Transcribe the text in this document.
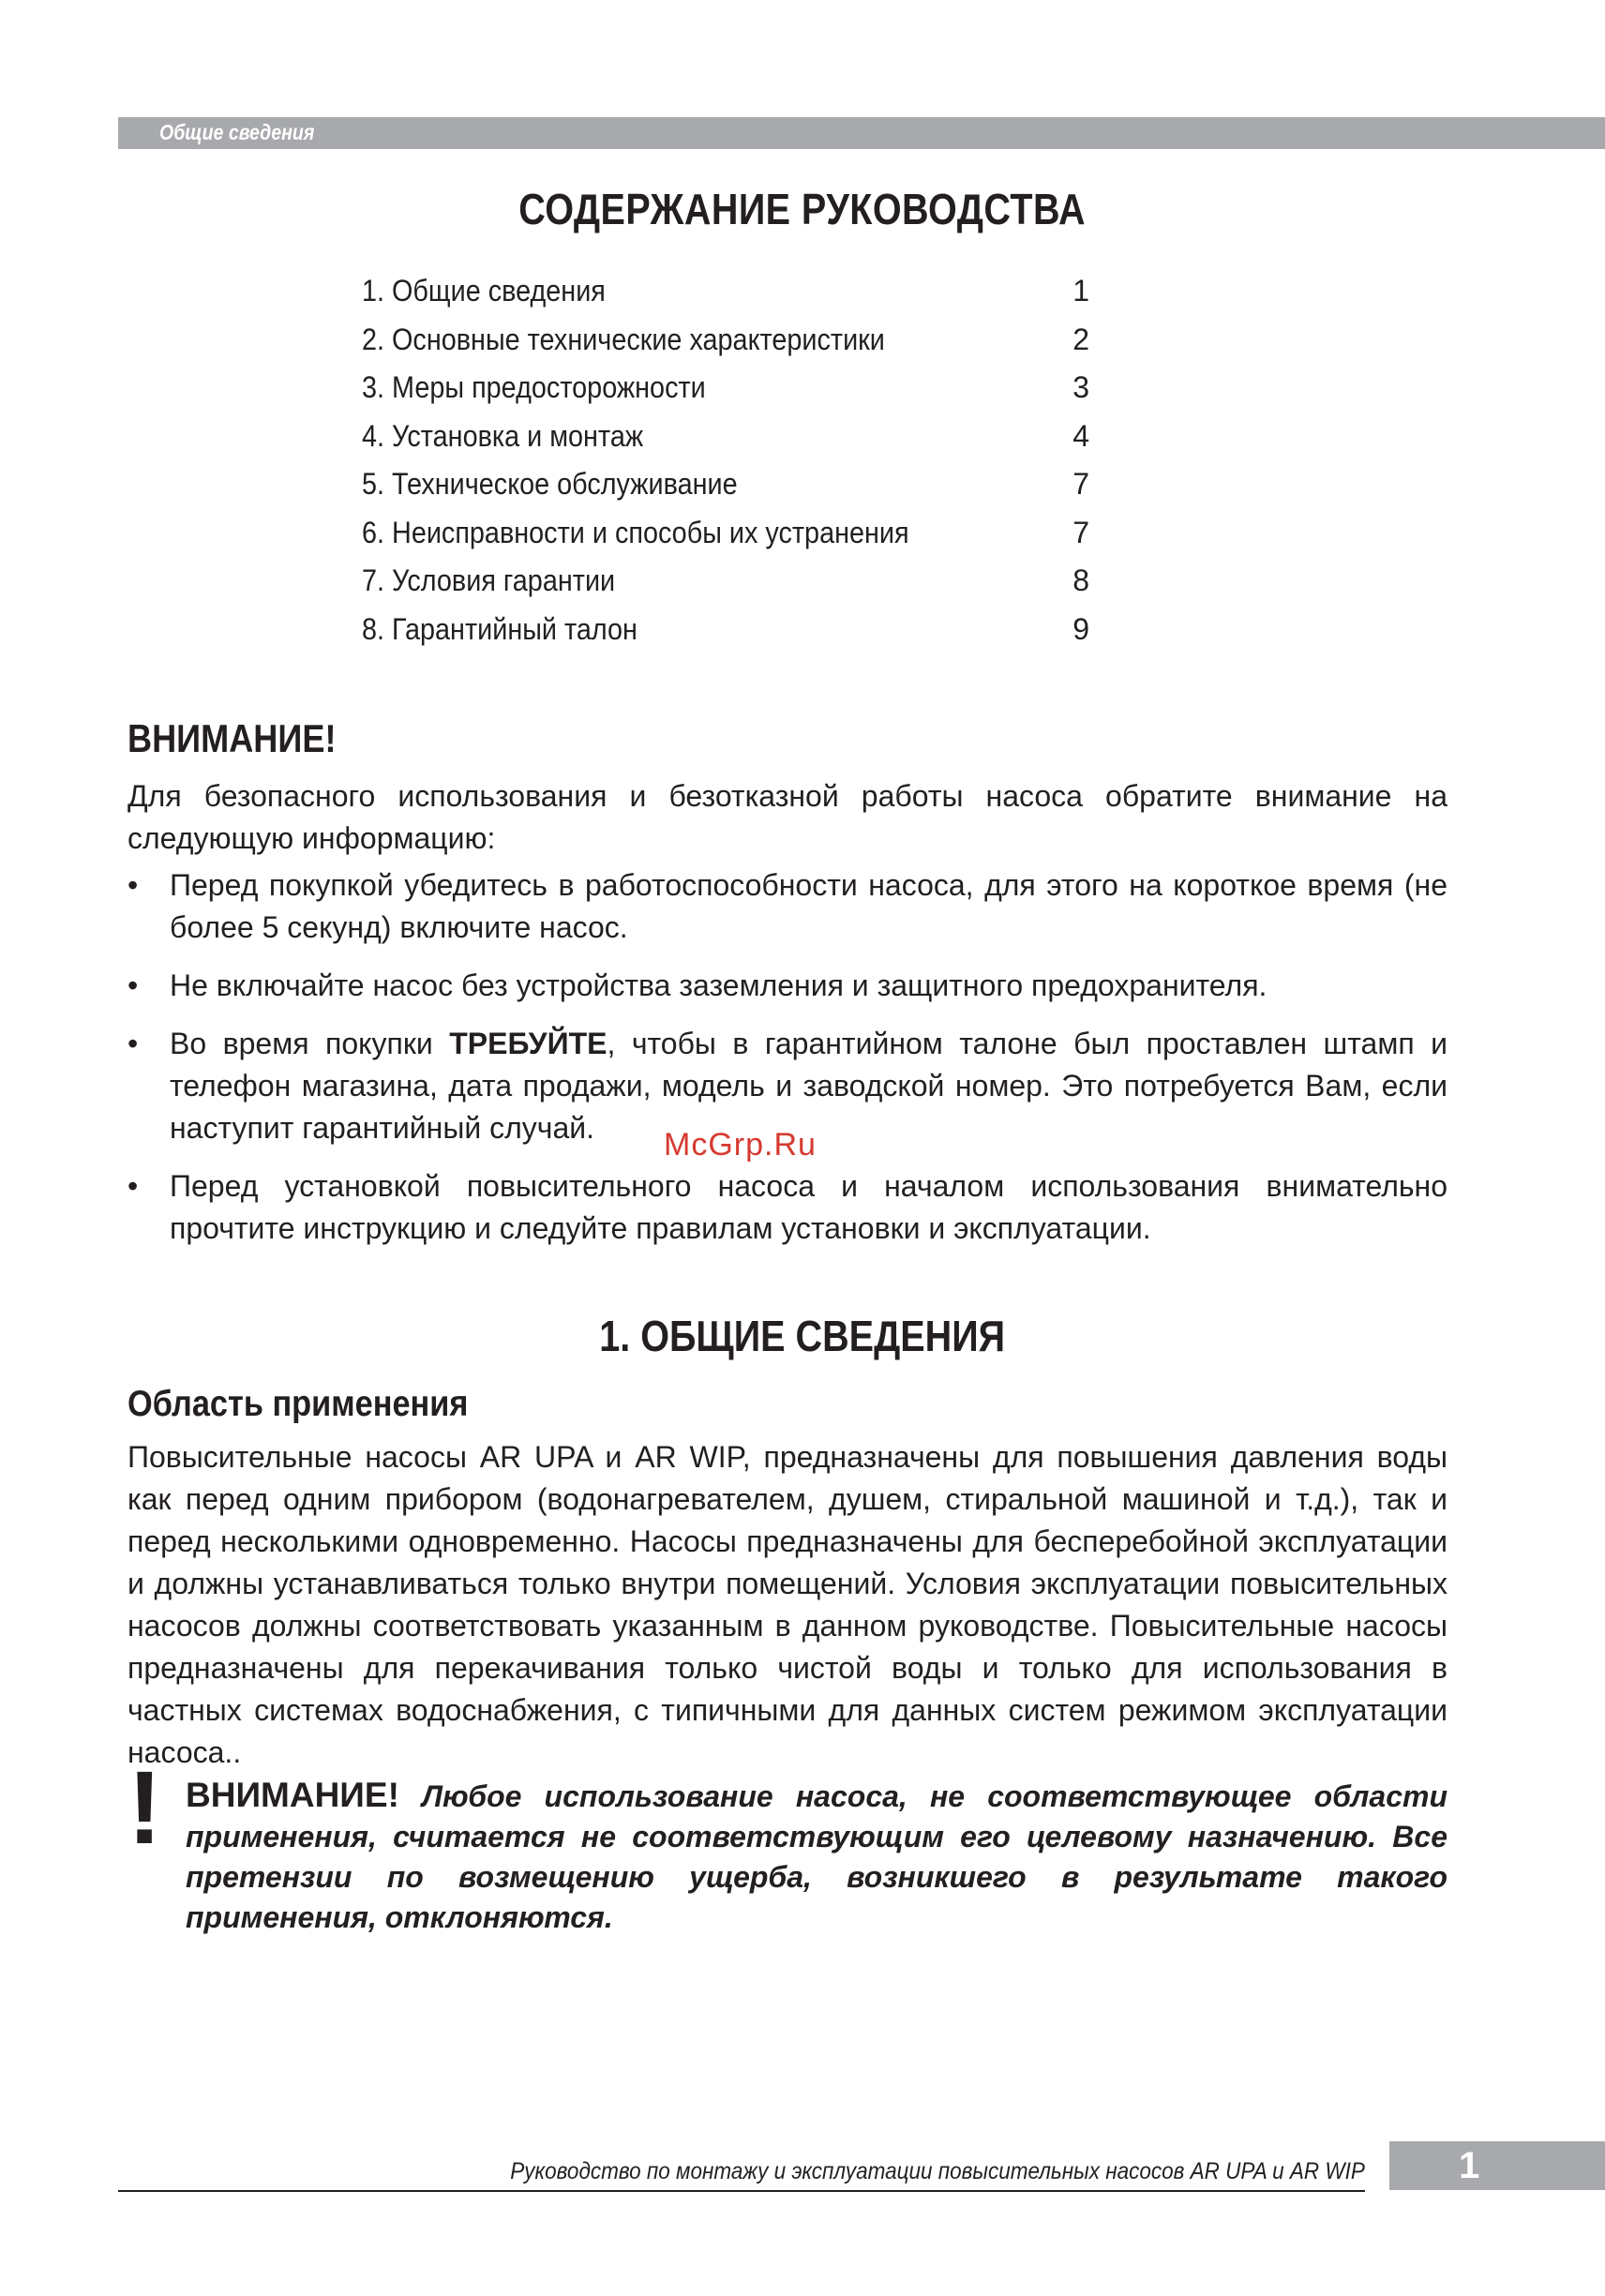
Общие сведения
СОДЕРЖАНИЕ РУКОВОДСТВА
1. Общие сведения	1
2. Основные технические характеристики	2
3. Меры предосторожности	3
4. Установка и монтаж	4
5. Техническое обслуживание	7
6. Неисправности и способы их устранения	7
7. Условия гарантии	8
8. Гарантийный талон	9
ВНИМАНИЕ!
Для безопасного использования и безотказной работы насоса обратите внимание на следующую информацию:
• Перед покупкой убедитесь в работоспособности насоса, для этого на короткое время (не более 5 секунд) включите насос.
• Не включайте насос без устройства заземления и защитного предохранителя.
• Во время покупки ТРЕБУЙТЕ, чтобы в гарантийном талоне был проставлен штамп и телефон магазина, дата продажи, модель и заводской номер. Это потребуется Вам, если наступит гарантийный случай.
• Перед установкой повысительного насоса и началом использования внимательно прочтите инструкцию и следуйте правилам установки и эксплуатации.
McGrp.Ru
1. ОБЩИЕ СВЕДЕНИЯ
Область применения
Повысительные насосы AR UPA и AR WIP, предназначены для повышения давления воды как перед одним прибором (водонагревателем, душем, стиральной машиной и т.д.), так и перед несколькими одновременно. Насосы предназначены для бесперебойной эксплуатации и должны устанавливаться только внутри помещений. Условия эксплуатации повысительных насосов должны соответствовать указанным в данном руководстве. Повысительные насосы предназначены для перекачивания только чистой воды и только для использования в частных системах водоснабжения, с типичными для данных систем режимом эксплуатации насоса..
! ВНИМАНИЕ! Любое использование насоса, не соответствующее области применения, считается не соответствующим его целевому назначению. Все претензии по возмещению ущерба, возникшего в результате такого применения, отклоняются.
Руководство по монтажу и эксплуатации повысительных насосов AR UPA и AR WIP	1
